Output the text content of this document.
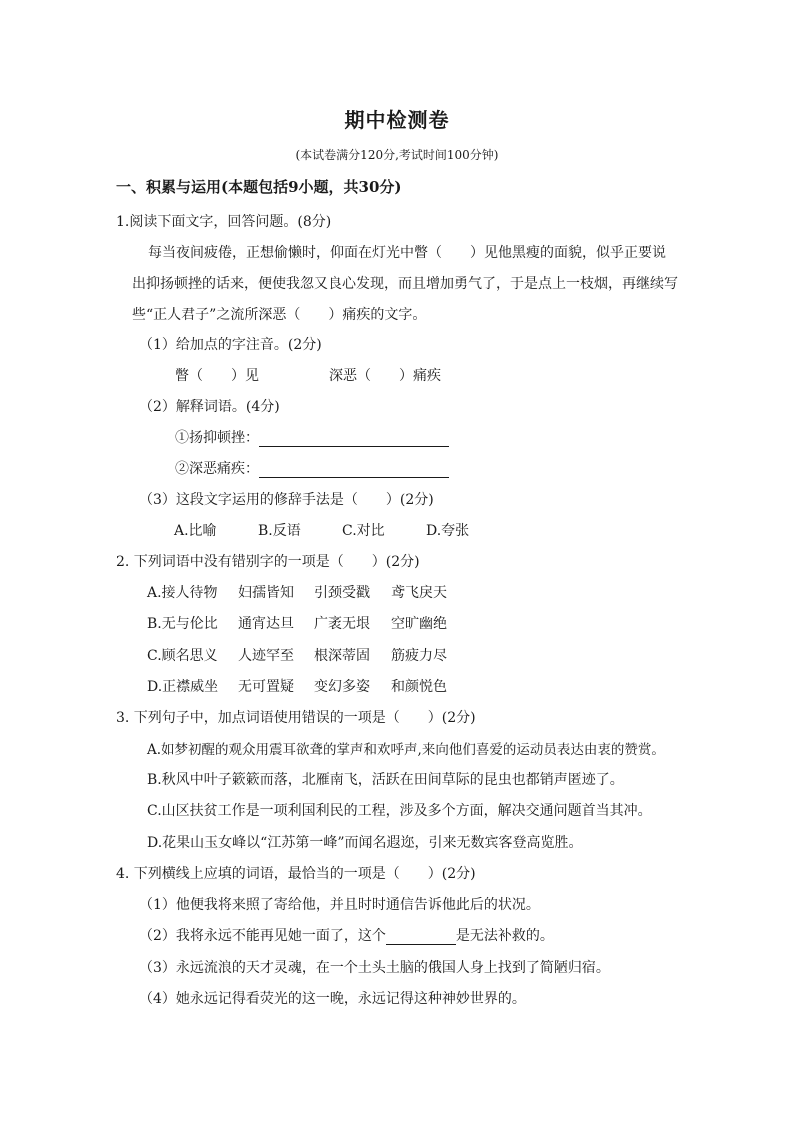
期中检测卷
(本试卷满分120分,考试时间100分钟)
一、积累与运用(本题包括9小题，共30分)
1.阅读下面文字，回答问题。(8分)
每当夜间疲倦，正想偷懒时，仰面在灯光中瞥（　　）见他黑瘦的面貌，似乎正要说
出抑扬顿挫的话来，便使我忽又良心发现，而且增加勇气了，于是点上一枝烟，再继续写
些“正人君子”之流所深恶（　　）痛疾的文字。
（1）给加点的字注音。(2分)
瞥（　　）见	深恶（　　）痛疾
（2）解释词语。(4分)
①扬抑顿挫：
②深恶痛疾：
（3）这段文字运用的修辞手法是（　　）(2分)
A.比喻	B.反语	C.对比	D.夸张
2. 下列词语中没有错别字的一项是（　　）(2分)
A.接人待物	妇孺皆知	引颈受戳	鸢飞戾天
B.无与伦比	通宵达旦	广袤无垠	空旷幽绝
C.顾名思义	人迹罕至	根深蒂固	筋疲力尽
D.正襟威坐	无可置疑	变幻多姿	和颜悦色
3. 下列句子中，加点词语使用错误的一项是（　　）(2分)
A.如梦初醒的观众用震耳欲聋的掌声和欢呼声,来向他们喜爱的运动员表达由衷的赞赏。
B.秋风中叶子簌簌而落，北雁南飞，活跃在田间草际的昆虫也都销声匿迹了。
C.山区扶贫工作是一项利国利民的工程，涉及多个方面，解决交通问题首当其冲。
D.花果山玉女峰以“江苏第一峰”而闻名遐迩，引来无数宾客登高览胜。
4. 下列横线上应填的词语，最恰当的一项是（　　）(2分)
（1）他便我将来照了寄给他，并且时时通信告诉他此后的状况。
（2）我将永远不能再见她一面了，这个	是无法补救的。
（3）永远流浪的天才灵魂，在一个土头土脑的俄国人身上找到了简陋归宿。
（4）她永远记得看荧光的这一晚，永远记得这种神妙世界的。
